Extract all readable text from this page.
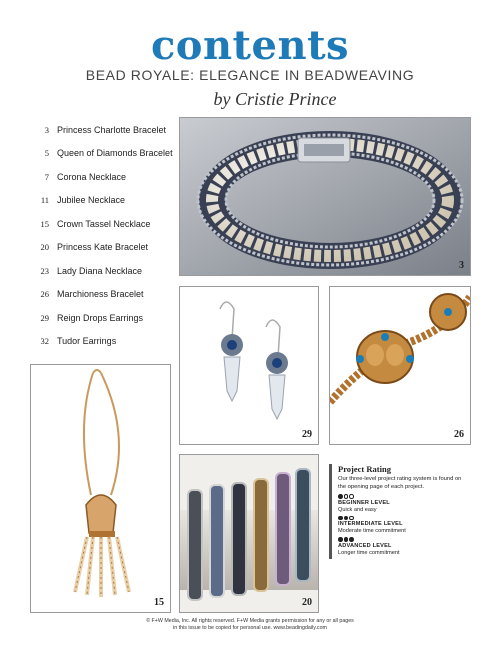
contents
BEAD ROYALE: ELEGANCE IN BEADWEAVING
by Cristie Prince
3 Princess Charlotte Bracelet
5 Queen of Diamonds Bracelet
7 Corona Necklace
11 Jubilee Necklace
15 Crown Tassel Necklace
20 Princess Kate Bracelet
23 Lady Diana Necklace
26 Marchioness Bracelet
29 Reign Drops Earrings
32 Tudor Earrings
3
29	26
15	20
Project Rating
Our three-level project rating system is found on the opening page of each project.
BEGINNER LEVEL
Quick and easy
INTERMEDIATE LEVEL
Moderate time commitment
ADVANCED LEVEL
Longer time commitment
© F+W Media, Inc. All rights reserved. F+W Media grants permission for any or all pages
in this issue to be copied for personal use. www.beadingdaily.com
